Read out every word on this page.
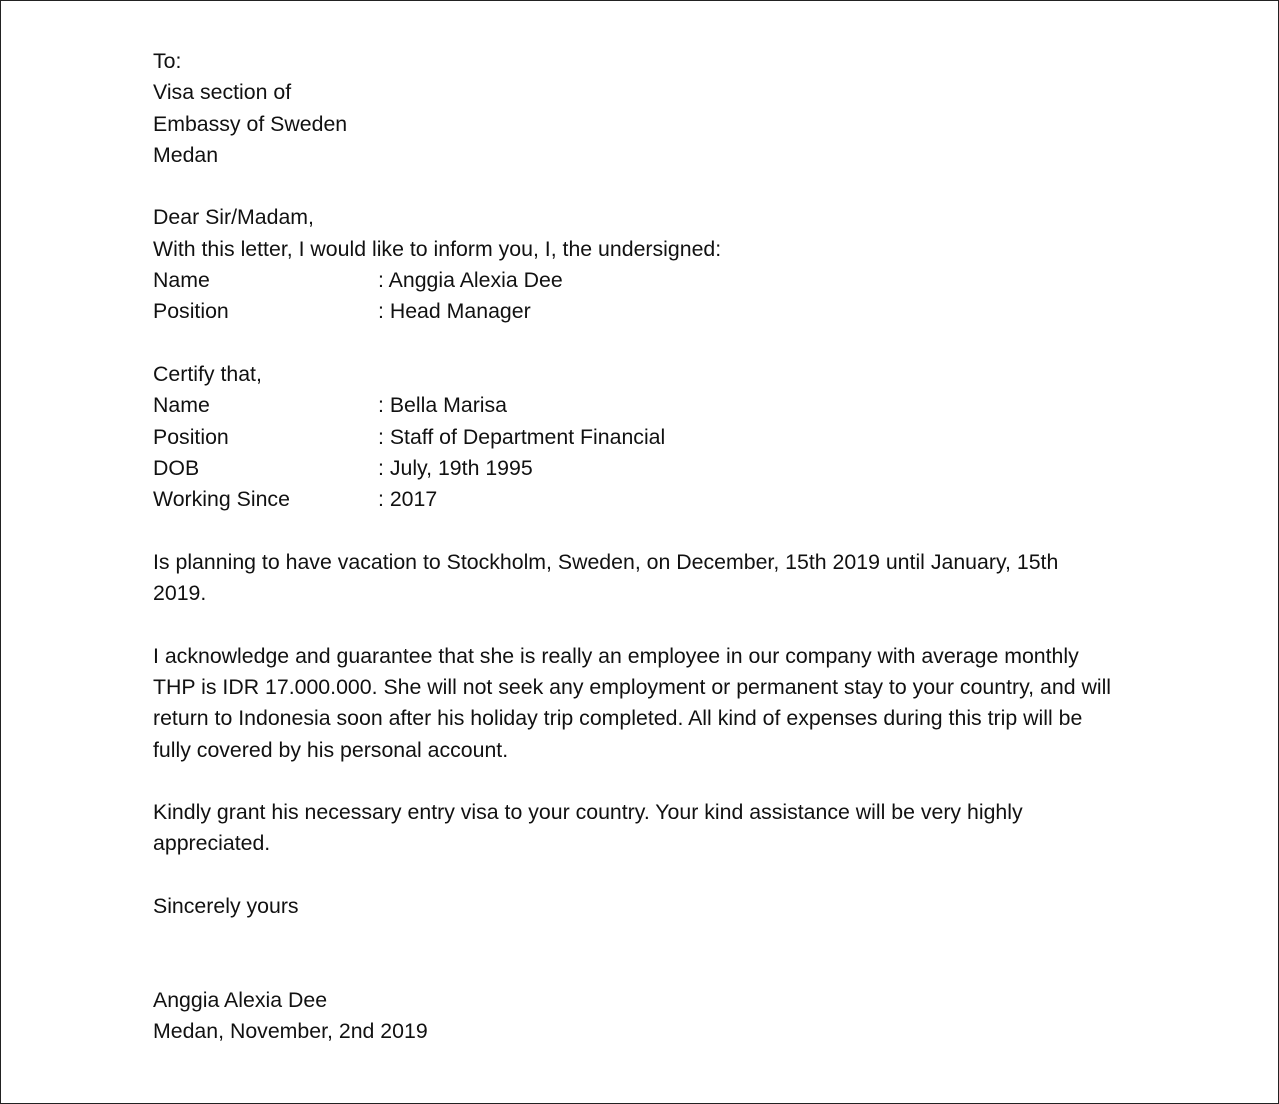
To:
Visa section of
Embassy of Sweden
Medan
Dear Sir/Madam,
With this letter, I would like to inform you, I, the undersigned:
Name	: Anggia Alexia Dee
Position	: Head Manager
Certify that,
Name	: Bella Marisa
Position	: Staff of Department Financial
DOB	: July, 19th 1995
Working Since	: 2017
Is planning to have vacation to Stockholm, Sweden, on December, 15th 2019 until January, 15th 2019.
I acknowledge and guarantee that she is really an employee in our company with average monthly THP is IDR 17.000.000. She will not seek any employment or permanent stay to your country, and will return to Indonesia soon after his holiday trip completed. All kind of expenses during this trip will be fully covered by his personal account.
Kindly grant his necessary entry visa to your country. Your kind assistance will be very highly appreciated.
Sincerely yours
Anggia Alexia Dee
Medan, November, 2nd 2019
